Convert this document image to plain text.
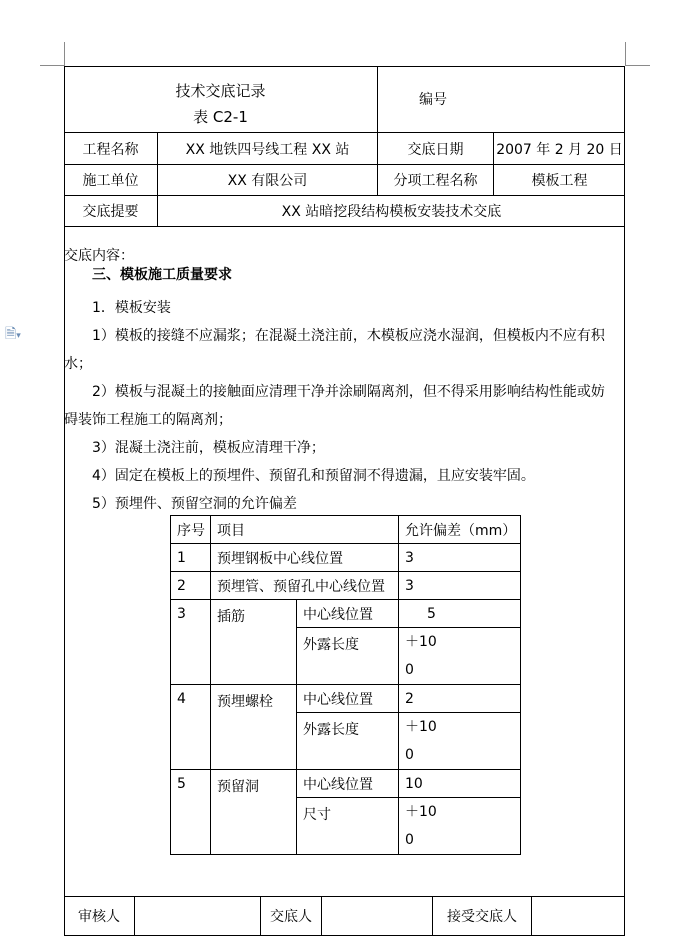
🗎▾
技术交底记录
表 C2-1
编号
工程名称	XX 地铁四号线工程 XX 站	交底日期	2007 年 2 月 20 日
施工单位	XX 有限公司	分项工程名称	模板工程
交底提要	XX 站暗挖段结构模板安装技术交底
交底内容：
三、模板施工质量要求
1．模板安装
1）模板的接缝不应漏浆；在混凝土浇注前，木模板应浇水湿润，但模板内不应有积
水；
2）模板与混凝土的接触面应清理干净并涂刷隔离剂，但不得采用影响结构性能或妨
碍装饰工程施工的隔离剂；
3）混凝土浇注前，模板应清理干净；
4）固定在模板上的预埋件、预留孔和预留洞不得遗漏，且应安装牢固。
5）预埋件、预留空洞的允许偏差
序号	项目		允许偏差（mm）
1	预埋钢板中心线位置		3
2	预埋管、预留孔中心线位置		3
3	插筋	中心线位置	5
		外露长度	＋10
0

4	预埋螺栓	中心线位置	2
		外露长度	＋10
0

5	预留洞	中心线位置	10
		尺寸	＋10
0
审核人	交底人	接受交底人
